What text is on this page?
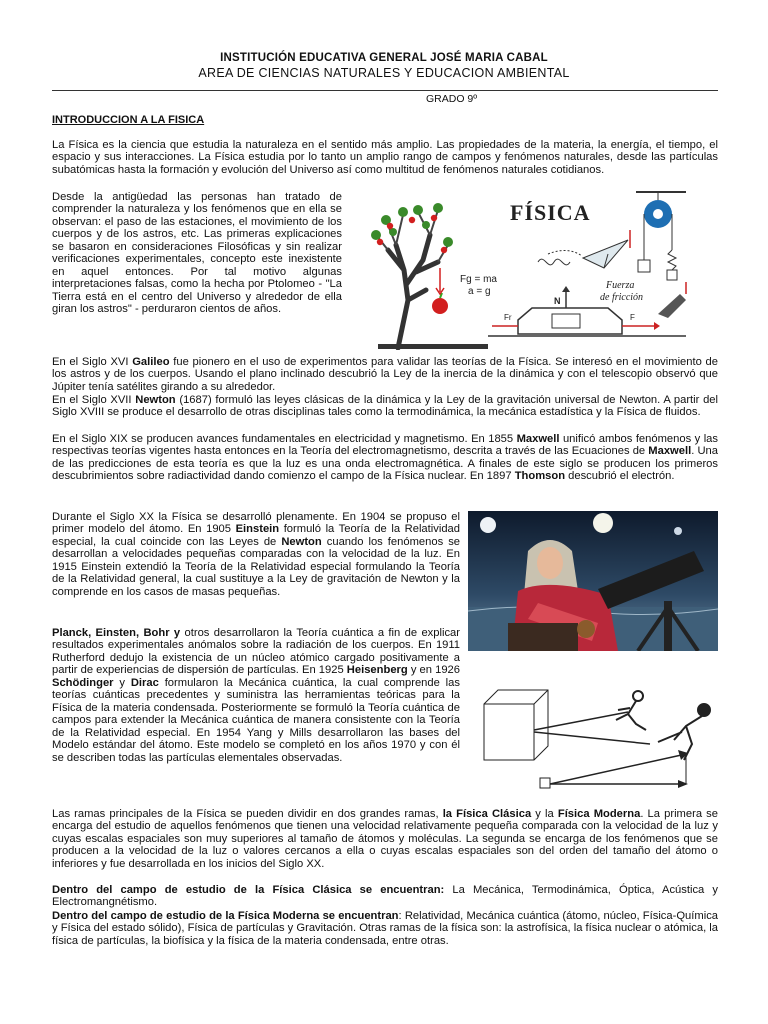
INSTITUCIÓN EDUCATIVA GENERAL JOSÉ MARIA CABAL
AREA DE CIENCIAS NATURALES Y EDUCACION AMBIENTAL
GRADO 9º
INTRODUCCION A LA FISICA

La Física es la ciencia que estudia la naturaleza en el sentido más amplio. Las propiedades de la materia, la energía, el tiempo, el espacio y sus interacciones. La Física estudia por lo tanto un amplio rango de campos y fenómenos naturales, desde las partículas subatómicas hasta la formación y evolución del Universo así como multitud de fenómenos naturales cotidianos.

Desde la antigüedad las personas han tratado de comprender la naturaleza y los fenómenos que en ella se observan: el paso de las estaciones, el movimiento de los cuerpos y de los astros, etc. Las primeras explicaciones se basaron en consideraciones Filosóficas y sin realizar verificaciones experimentales, concepto este inexistente en aquel entonces. Por tal motivo algunas interpretaciones falsas, como la hecha por Ptolomeo - "La Tierra está en el centro del Universo y alrededor de ella giran los astros" - perduraron cientos de años.

FÍSICA
Fg = ma
a = g
Fuerza
de fricción
N
Fr	F

En el Siglo XVI Galileo fue pionero en el uso de experimentos para validar las teorías de la Física. Se interesó en el movimiento de los astros y de los cuerpos. Usando el plano inclinado descubrió la Ley de la inercia de la dinámica y con el telescopio observó que Júpiter tenía satélites girando a su alrededor.

En el Siglo XVII Newton (1687) formuló las leyes clásicas de la dinámica y la Ley de la gravitación universal de Newton. A partir del Siglo XVIII se produce el desarrollo de otras disciplinas tales como la termodinámica, la mecánica estadística y la Física de fluidos.

En el Siglo XIX se producen avances fundamentales en electricidad y magnetismo. En 1855 Maxwell unificó ambos fenómenos y las respectivas teorías vigentes hasta entonces en la Teoría del electromagnetismo, descrita a través de las Ecuaciones de Maxwell. Una de las predicciones de esta teoría es que la luz es una onda electromagnética. A finales de este siglo se producen los primeros descubrimientos sobre radiactividad dando comienzo el campo de la Física nuclear. En 1897 Thomson descubrió el electrón.

Durante el Siglo XX la Física se desarrolló plenamente. En 1904 se propuso el primer modelo del átomo. En 1905 Einstein formuló la Teoría de la Relatividad especial, la cual coincide con las Leyes de Newton cuando los fenómenos se desarrollan a velocidades pequeñas comparadas con la velocidad de la luz. En 1915 Einstein extendió la Teoría de la Relatividad especial formulando la Teoría de la Relatividad general, la cual sustituye a la Ley de gravitación de Newton y la comprende en los casos de masas pequeñas.

Planck, Einsten, Bohr y otros desarrollaron la Teoría cuántica a fin de explicar resultados experimentales anómalos sobre la radiación de los cuerpos. En 1911 Rutherford dedujo la existencia de un núcleo atómico cargado positivamente a partir de experiencias de dispersión de partículas. En 1925 Heisenberg y en 1926 Schödinger y Dirac formularon la Mecánica cuántica, la cual comprende las teorías cuánticas precedentes y suministra las herramientas teóricas para la Física de la materia condensada. Posteriormente se formuló la Teoría cuántica de campos para extender la Mecánica cuántica de manera consistente con la Teoría de la Relatividad especial. En 1954 Yang y Mills desarrollaron las bases del Modelo estándar del átomo. Este modelo se completó en los años 1970 y con él se describen todas las partículas elementales observadas.

Las ramas principales de la Física se pueden dividir en dos grandes ramas, la Física Clásica y la Física Moderna. La primera se encarga del estudio de aquellos fenómenos que tienen una velocidad relativamente pequeña comparada con la velocidad de la luz y cuyas escalas espaciales son muy superiores al tamaño de átomos y moléculas. La segunda se encarga de los fenómenos que se producen a la velocidad de la luz o valores cercanos a ella o cuyas escalas espaciales son del orden del tamaño del átomo o inferiores y fue desarrollada en los inicios del Siglo XX.

Dentro del campo de estudio de la Física Clásica se encuentran: La Mecánica, Termodinámica, Óptica, Acústica y Electromangnétismo.

Dentro del campo de estudio de la Física Moderna se encuentran: Relatividad, Mecánica cuántica (átomo, núcleo, Física-Química y Física del estado sólido), Física de partículas y Gravitación. Otras ramas de la física son: la astrofísica, la física nuclear o atómica, la física de partículas, la biofísica y la física de la materia condensada, entre otras.
